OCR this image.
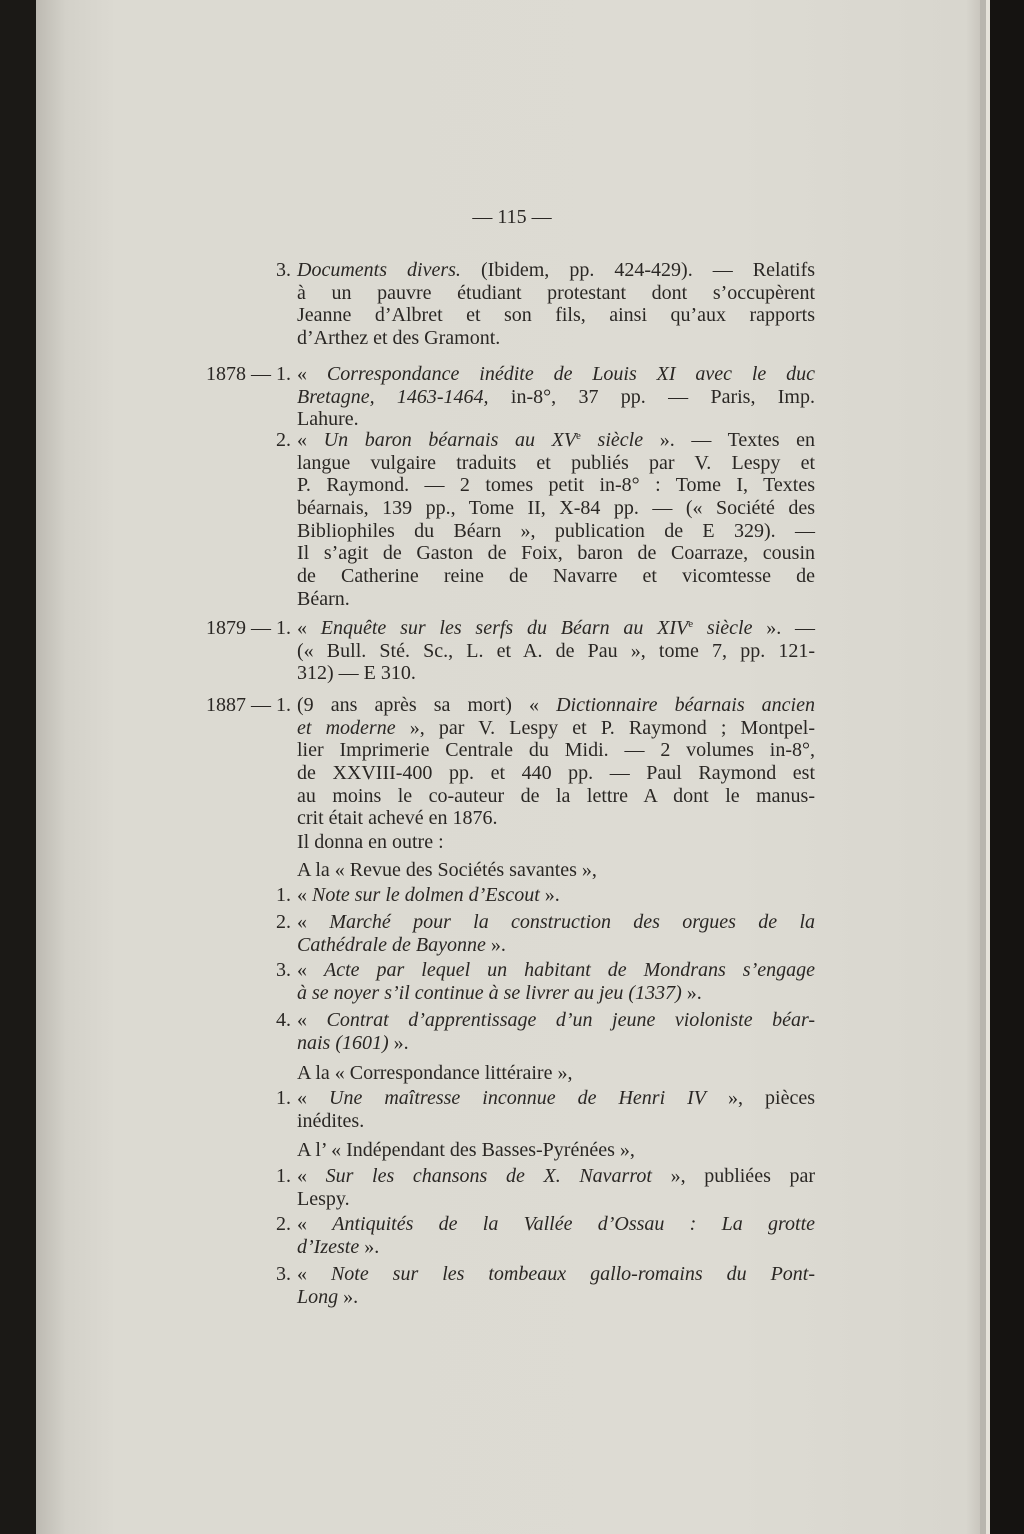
— 115 —
3. Documents divers. (Ibidem, pp. 424-429). — Relatifs
à un pauvre étudiant protestant dont s’occupèrent
Jeanne d’Albret et son fils, ainsi qu’aux rapports
d’Arthez et des Gramont.
1878 — 1. « Correspondance inédite de Louis XI avec le duc
Bretagne, 1463-1464, in-8°, 37 pp. — Paris, Imp.
Lahure.
2. « Un baron béarnais au XVe siècle ». — Textes en
langue vulgaire traduits et publiés par V. Lespy et
P. Raymond. — 2 tomes petit in-8° : Tome I, Textes
béarnais, 139 pp., Tome II, X-84 pp. — (« Société des
Bibliophiles du Béarn », publication de E 329). —
Il s’agit de Gaston de Foix, baron de Coarraze, cousin
de Catherine reine de Navarre et vicomtesse de
Béarn.
1879 — 1. « Enquête sur les serfs du Béarn au XIVe siècle ». —
(« Bull. Sté. Sc., L. et A. de Pau », tome 7, pp. 121-
312) — E 310.
1887 — 1. (9 ans après sa mort) « Dictionnaire béarnais ancien
et moderne », par V. Lespy et P. Raymond ; Montpel-
lier Imprimerie Centrale du Midi. — 2 volumes in-8°,
de XXVIII-400 pp. et 440 pp. — Paul Raymond est
au moins le co-auteur de la lettre A dont le manus-
crit était achevé en 1876.
Il donna en outre :
A la « Revue des Sociétés savantes »,
1. « Note sur le dolmen d’Escout ».
2. « Marché pour la construction des orgues de la
Cathédrale de Bayonne ».
3. « Acte par lequel un habitant de Mondrans s’engage
à se noyer s’il continue à se livrer au jeu (1337) ».
4. « Contrat d’apprentissage d’un jeune violoniste béar-
nais (1601) ».
A la « Correspondance littéraire »,
1. « Une maîtresse inconnue de Henri IV », pièces
inédites.
A l’ « Indépendant des Basses-Pyrénées »,
1. « Sur les chansons de X. Navarrot », publiées par
Lespy.
2. « Antiquités de la Vallée d’Ossau : La grotte
d’Izeste ».
3. « Note sur les tombeaux gallo-romains du Pont-
Long ».
